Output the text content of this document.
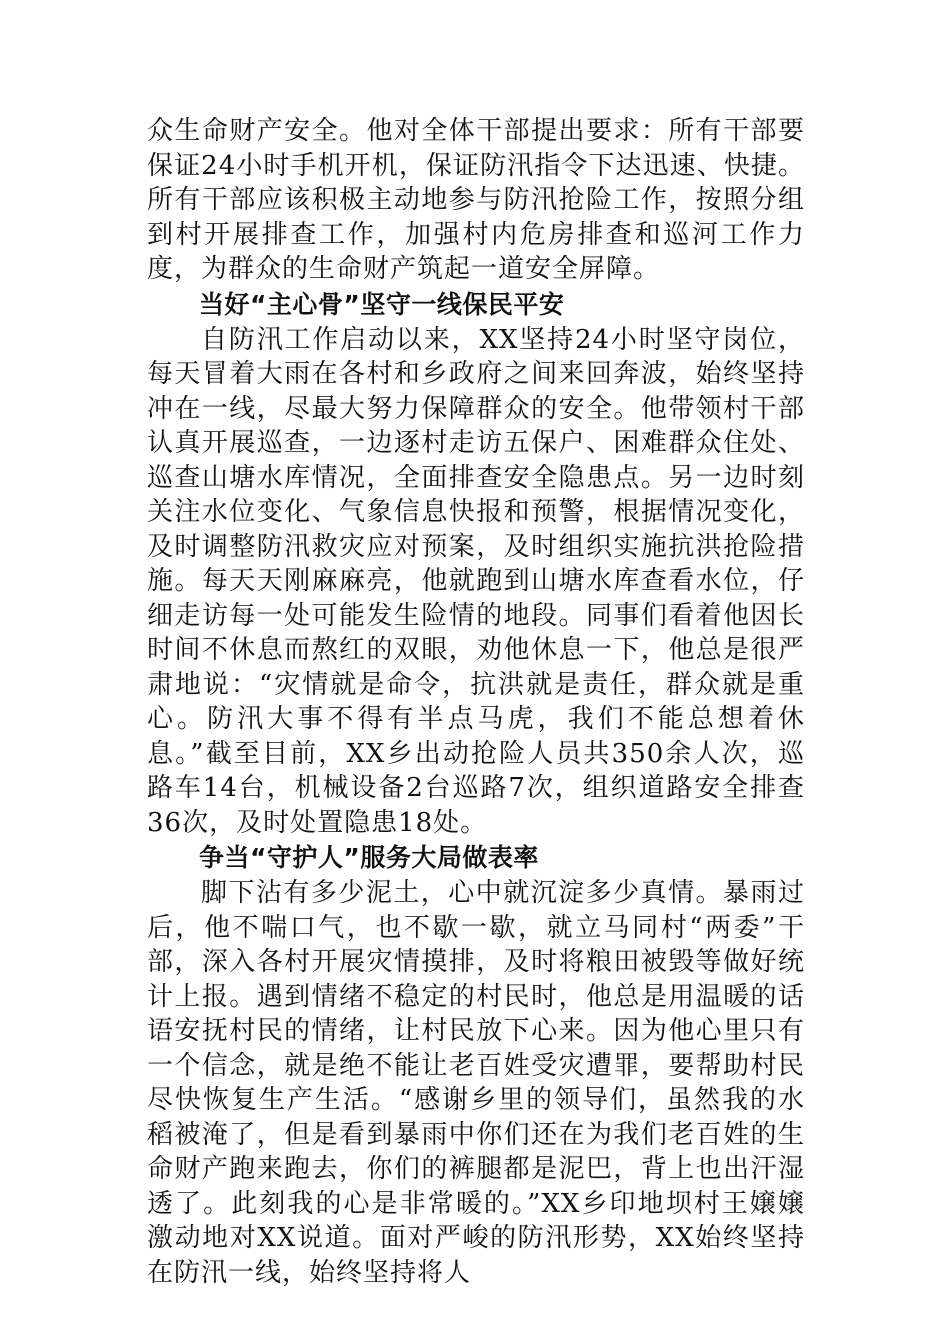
众生命财产安全。他对全体干部提出要求：所有干部要保证24小时手机开机，保证防汛指令下达迅速、快捷。所有干部应该积极主动地参与防汛抢险工作，按照分组到村开展排查工作，加强村内危房排查和巡河工作力度，为群众的生命财产筑起一道安全屏障。

当好“主心骨”坚守一线保民平安

自防汛工作启动以来，XX坚持24小时坚守岗位，每天冒着大雨在各村和乡政府之间来回奔波，始终坚持冲在一线，尽最大努力保障群众的安全。他带领村干部认真开展巡查，一边逐村走访五保户、困难群众住处、巡查山塘水库情况，全面排查安全隐患点。另一边时刻关注水位变化、气象信息快报和预警，根据情况变化，及时调整防汛救灾应对预案，及时组织实施抗洪抢险措施。每天天刚麻麻亮，他就跑到山塘水库查看水位，仔细走访每一处可能发生险情的地段。同事们看着他因长时间不休息而熬红的双眼，劝他休息一下，他总是很严肃地说：“灾情就是命令，抗洪就是责任，群众就是重心。防汛大事不得有半点马虎，我们不能总想着休息。”截至目前，XX乡出动抢险人员共350余人次，巡路车14台，机械设备2台巡路7次，组织道路安全排查36次，及时处置隐患18处。

争当“守护人”服务大局做表率

脚下沾有多少泥土，心中就沉淀多少真情。暴雨过后，他不喘口气，也不歇一歇，就立马同村“两委”干部，深入各村开展灾情摸排，及时将粮田被毁等做好统计上报。遇到情绪不稳定的村民时，他总是用温暖的话语安抚村民的情绪，让村民放下心来。因为他心里只有一个信念，就是绝不能让老百姓受灾遭罪，要帮助村民尽快恢复生产生活。“感谢乡里的领导们，虽然我的水稻被淹了，但是看到暴雨中你们还在为我们老百姓的生命财产跑来跑去，你们的裤腿都是泥巴，背上也出汗湿透了。此刻我的心是非常暖的。”XX乡印地坝村王嬢嬢激动地对XX说道。面对严峻的防汛形势，XX始终坚持在防汛一线，始终坚持将人
